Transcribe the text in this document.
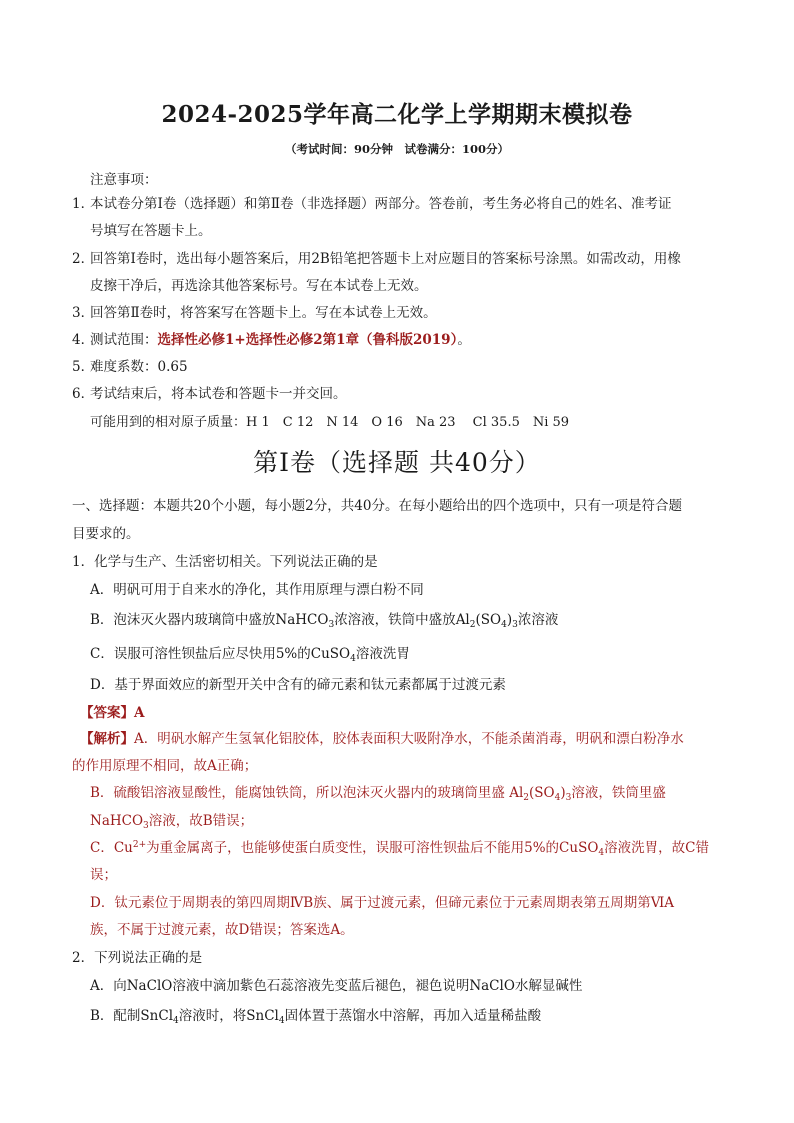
2024-2025学年高二化学上学期期末模拟卷
（考试时间：90分钟　试卷满分：100分）
注意事项：
1．本试卷分第Ⅰ卷（选择题）和第Ⅱ卷（非选择题）两部分。答卷前，考生务必将自己的姓名、准考证
号填写在答题卡上。
2．回答第Ⅰ卷时，选出每小题答案后，用2B铅笔把答题卡上对应题目的答案标号涂黑。如需改动，用橡
皮擦干净后，再选涂其他答案标号。写在本试卷上无效。
3．回答第Ⅱ卷时，将答案写在答题卡上。写在本试卷上无效。
4．测试范围：选择性必修1+选择性必修2第1章（鲁科版2019）。
5．难度系数：0.65
6．考试结束后，将本试卷和答题卡一并交回。
可能用到的相对原子质量：H 1　C 12　N 14　O 16　Na 23　 Cl 35.5　Ni 59
第Ⅰ卷（选择题 共40分）
一、选择题：本题共20个小题，每小题2分，共40分。在每小题给出的四个选项中，只有一项是符合题
目要求的。
1．化学与生产、生活密切相关。下列说法正确的是
A．明矾可用于自来水的净化，其作用原理与漂白粉不同
B．泡沫灭火器内玻璃筒中盛放NaHCO$_3$浓溶液，铁筒中盛放$Al_2(SO_4)_3$浓溶液
C．误服可溶性钡盐后应尽快用5%的CuSO$_4$溶液洗胃
D．基于界面效应的新型开关中含有的碲元素和钛元素都属于过渡元素
【答案】A
【解析】A．明矾水解产生氢氧化铝胶体，胶体表面积大吸附净水，不能杀菌消毒，明矾和漂白粉净水
的作用原理不相同，故A正确；
B．硫酸铝溶液显酸性，能腐蚀铁筒，所以泡沫灭火器内的玻璃筒里盛 $Al_2(SO_4)_3$溶液，铁筒里盛
NaHCO$_3$溶液，故B错误；
C．$Cu^{2+}$为重金属离子，也能够使蛋白质变性，误服可溶性钡盐后不能用5%的CuSO$_4$溶液洗胃，故C错
误；
D．钛元素位于周期表的第四周期ⅣB族、属于过渡元素，但碲元素位于元素周期表第五周期第ⅥA
族，不属于过渡元素，故D错误；答案选A。
2．下列说法正确的是
A．向NaClO溶液中滴加紫色石蕊溶液先变蓝后褪色，褪色说明NaClO水解显碱性
B．配制SnCl$_4$溶液时，将SnCl$_4$固体置于蒸馏水中溶解，再加入适量稀盐酸
